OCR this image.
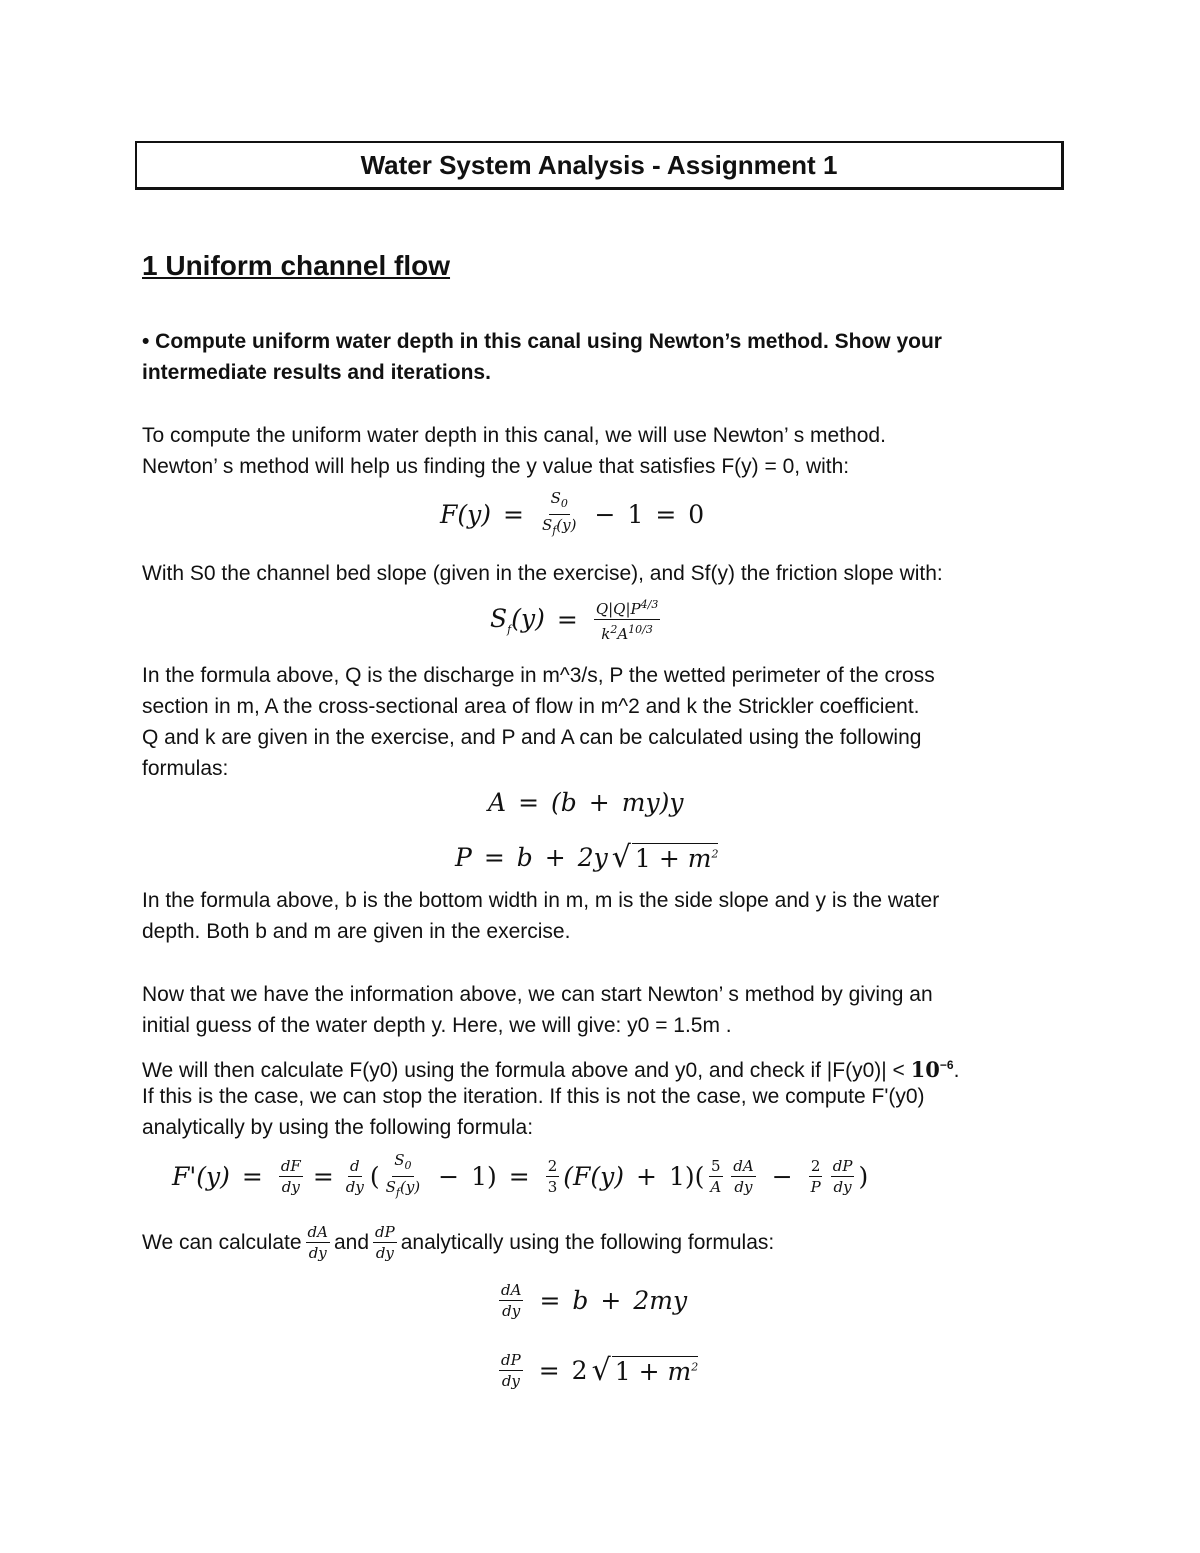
Water System Analysis - Assignment 1
1 Uniform channel flow
• Compute uniform water depth in this canal using Newton’s method. Show your
intermediate results and iterations.
To compute the uniform water depth in this canal, we will use Newton’ s method.
Newton’ s method will help us finding the y value that satisfies F(y) = 0, with:
$F(y) = \frac{S_0}{S_f(y)} - 1 = 0$
With S0 the channel bed slope (given in the exercise), and Sf(y) the friction slope with:
$S_f(y) = \frac{Q|Q|P^{4/3}}{k^2A^{10/3}}$
In the formula above, Q is the discharge in m^3/s, P the wetted perimeter of the cross
section in m, A the cross-sectional area of flow in m^2 and k the Strickler coefficient.
Q and k are given in the exercise, and P and A can be calculated using the following
formulas:
A = (b + my)y
P = b + 2y √ $1 + m^2$
In the formula above, b is the bottom width in m, m is the side slope and y is the water
depth. Both b and m are given in the exercise.
Now that we have the information above, we can start Newton’ s method by giving an
initial guess of the water depth y. Here, we will give: y0 = 1.5m .
We will then calculate F(y0) using the formula above and y0, and check if $|F(y0)| < 10^{-6}$.
If this is the case, we can stop the iteration. If this is not the case, we compute F'(y0)
analytically by using the following formula:
$F'(y) = \frac{dF}{dy} = \frac{d}{dy}$ ( $\frac{S_0}{S_f(y)} - 1) = \frac{2}{3} (F(y) + 1)( \frac{5}{A} \frac{dA}{dy} - \frac{2}{P} \frac{dP}{dy}$ )
We can calculate $\frac{dA}{dy}$ and $\frac{dP}{dy}$ analytically using the following formulas:
$\frac{dA}{dy} = b + 2my$
$\frac{dP}{dy} = 2$ √ $1 + m^2$
